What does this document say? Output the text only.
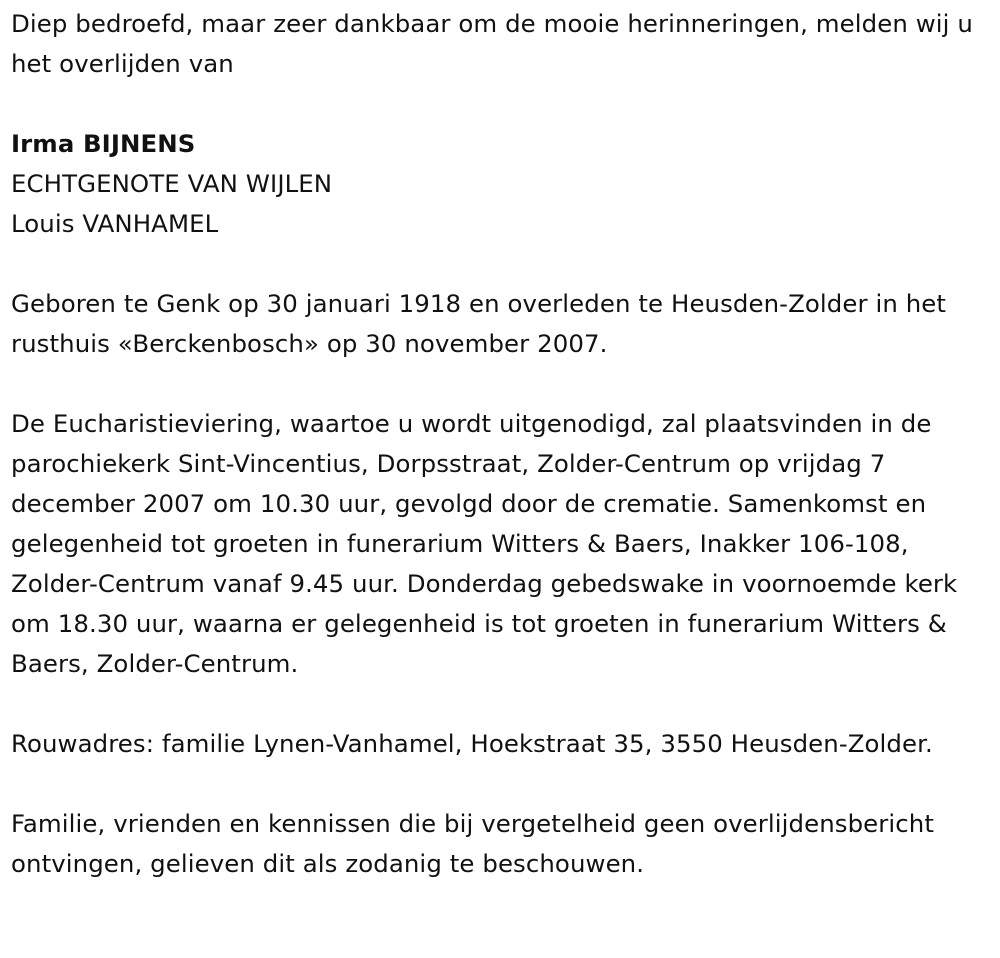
Diep bedroefd, maar zeer dankbaar om de mooie herinneringen, melden wij u het overlijden van

Irma BIJNENS

ECHTGENOTE VAN WIJLEN

Louis VANHAMEL

Geboren te Genk op 30 januari 1918 en overleden te Heusden-Zolder in het rusthuis «Berckenbosch» op 30 november 2007.

De Eucharistieviering, waartoe u wordt uitgenodigd, zal plaatsvinden in de parochiekerk Sint-Vincentius, Dorpsstraat, Zolder-Centrum op vrijdag 7 december 2007 om 10.30 uur, gevolgd door de crematie. Samenkomst en gelegenheid tot groeten in funerarium Witters & Baers, Inakker 106-108, Zolder-Centrum vanaf 9.45 uur. Donderdag gebedswake in voornoemde kerk om 18.30 uur, waarna er gelegenheid is tot groeten in funerarium Witters & Baers, Zolder-Centrum.

Rouwadres: familie Lynen-Vanhamel, Hoekstraat 35, 3550 Heusden-Zolder.

Familie, vrienden en kennissen die bij vergetelheid geen overlijdensbericht ontvingen, gelieven dit als zodanig te beschouwen.
